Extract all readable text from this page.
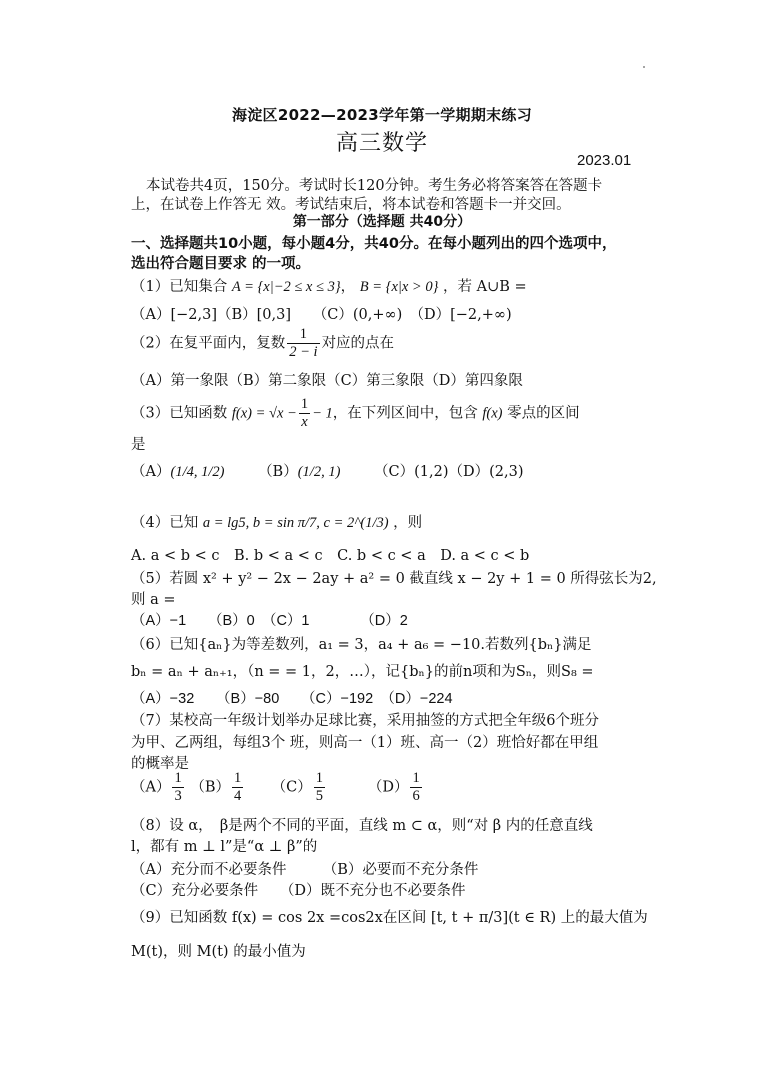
海淀区2022—2023学年第一学期期末练习
高三数学
2023.01
本试卷共4页，150分。考试时长120分钟。考生务必将答案答在答题卡
上，在试卷上作答无 效。考试结束后，将本试卷和答题卡一并交回。
第一部分（选择题 共40分）
一、选择题共10小题，每小题4分，共40分。在每小题列出的四个选项中，
选出符合题目要求 的一项。
（1）已知集合 A = {x|−2 ≤ x ≤ 3}， B = {x|x > 0} ，若 A∪B =
（A）[−2,3]（B）[0,3]　　（C）(0,+∞)　（D）[−2,+∞)
（2）在复平面内，复数 $\frac{1}{2 - i}$ 对应的点在
（A）第一象限（B）第二象限（C）第三象限（D）第四象限
（3）已知函数 $f(x) = √x - \frac{1}{x} - 1$，在下列区间中，包含 f(x) 零点的区间
是
（A）(1/4, 1/2)　　 （B）(1/2, 1)　　 （C）(1,2)（D）(2,3)
（4）已知 a = lg5, b = sin π/7, c = 2^(1/3) ，则
A. a < b < c　B. b < a < c　C. b < c < a　D. a < c < b
（5）若圆 x² + y² − 2x − 2ay + a² = 0 截直线 x − 2y + 1 = 0 所得弦长为2,
则 a =
（A）−1　　（B）0　（C）1　　　　（D）2
（6）已知{aₙ}为等差数列，a₁ = 3，a₄ + a₆ = −10.若数列{bₙ}满足
bₙ = aₙ + aₙ₊₁，（n = = 1，2，…），记{bₙ}的前n项和为Sₙ，则S₈ =
（A）−32　　（B）−80　　（C）−192　（D）−224
（7）某校高一年级计划举办足球比赛，采用抽签的方式把全年级6个班分
为甲、乙两组，每组3个 班，则高一（1）班、高一（2）班恰好都在甲组
的概率是
$(A) \frac{1}{3} (B) \frac{1}{4}$ 　　$(C) \frac{1}{5}$ 　　　$(D) \frac{1}{6}$
（8）设 α，　β是两个不同的平面，直线 m ⊂ α，则“对 β 内的任意直线
l，都有 m ⊥ l”是“α ⊥ β”的
（A）充分而不必要条件　　　（B）必要而不充分条件
（C）充分必要条件　　（D）既不充分也不必要条件
（9）已知函数 f(x) = cos 2x =cos2x在区间 [t, t + π/3](t ∈ R) 上的最大值为
M(t)，则 M(t) 的最小值为
